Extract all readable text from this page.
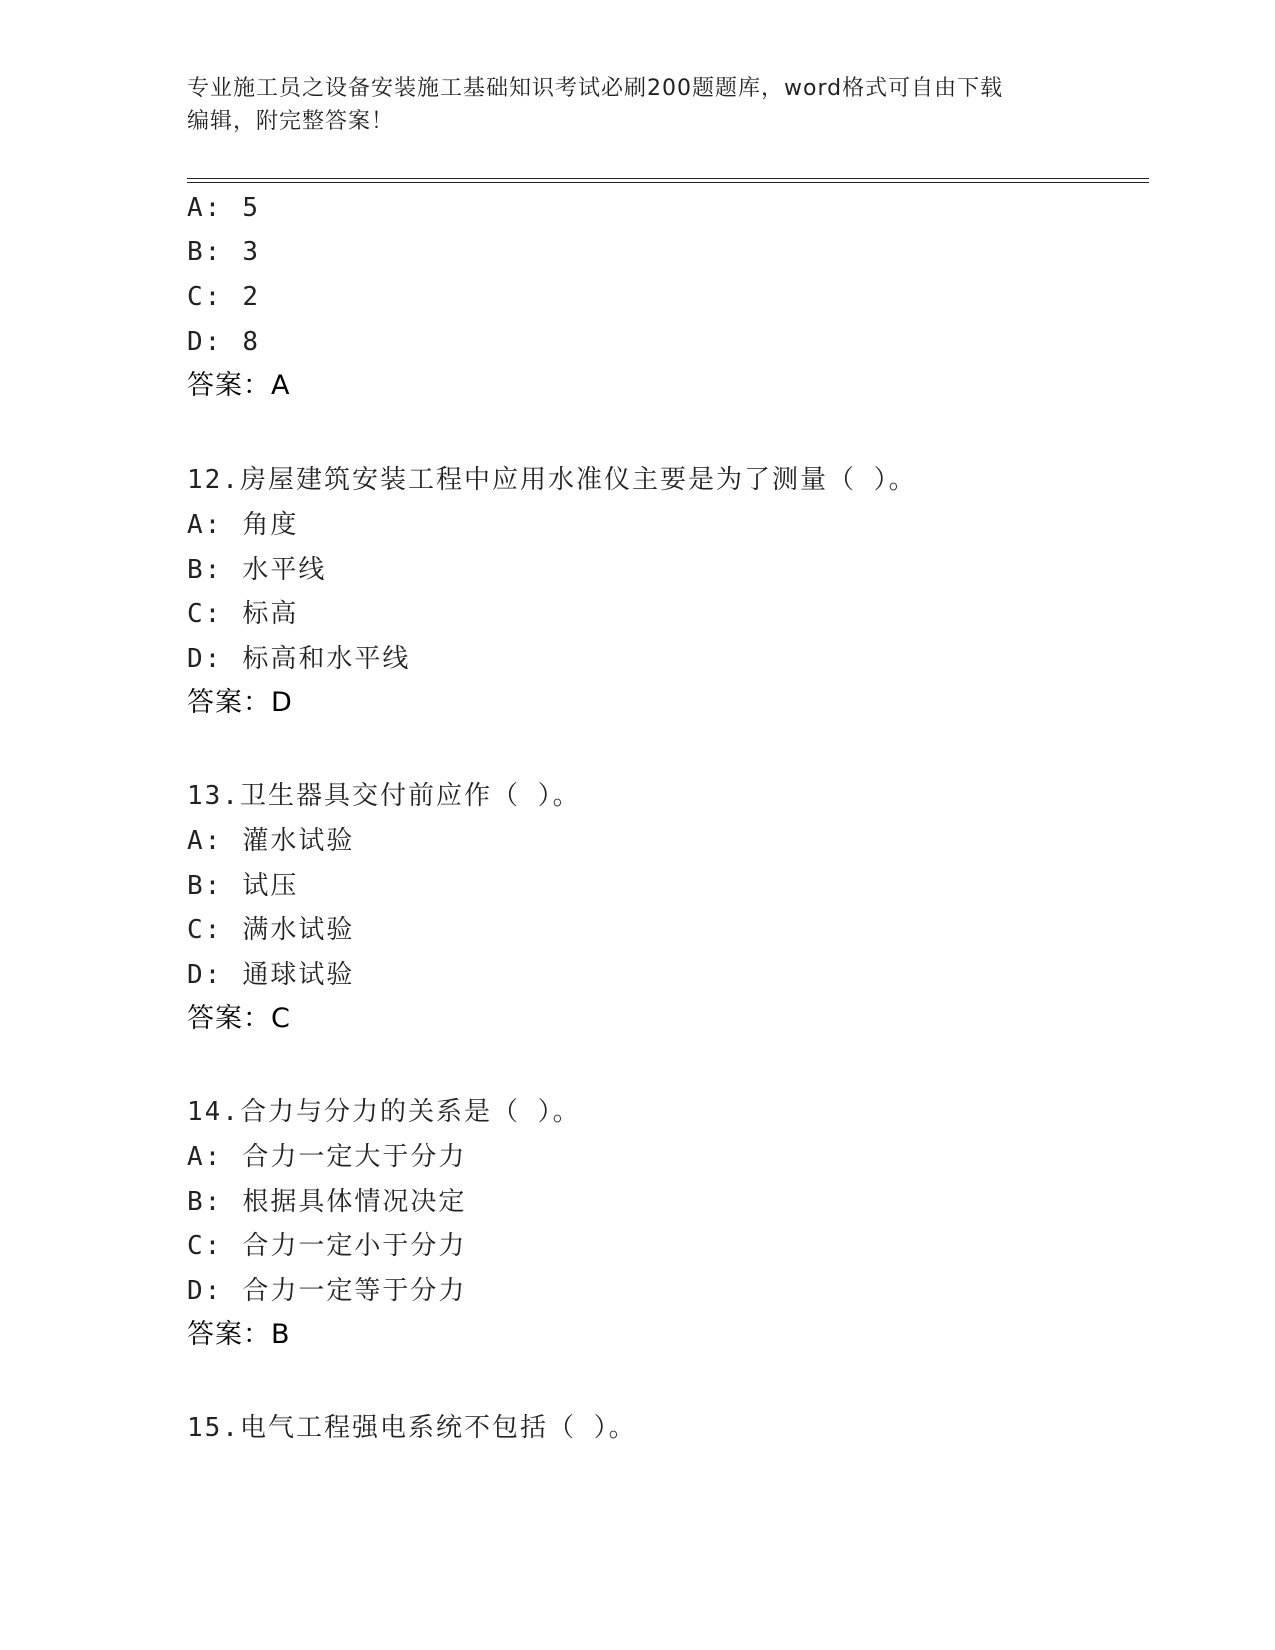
专业施工员之设备安装施工基础知识考试必刷200题题库，word格式可自由下载
编辑，附完整答案！
A: 5
B: 3
C: 2
D: 8
答案：A
12.房屋建筑安装工程中应用水准仪主要是为了测量（ ）。
A: 角度
B: 水平线
C: 标高
D: 标高和水平线
答案：D
13.卫生器具交付前应作（ ）。
A: 灌水试验
B: 试压
C: 满水试验
D: 通球试验
答案：C
14.合力与分力的关系是（ ）。
A: 合力一定大于分力
B: 根据具体情况决定
C: 合力一定小于分力
D: 合力一定等于分力
答案：B
15.电气工程强电系统不包括（ ）。
